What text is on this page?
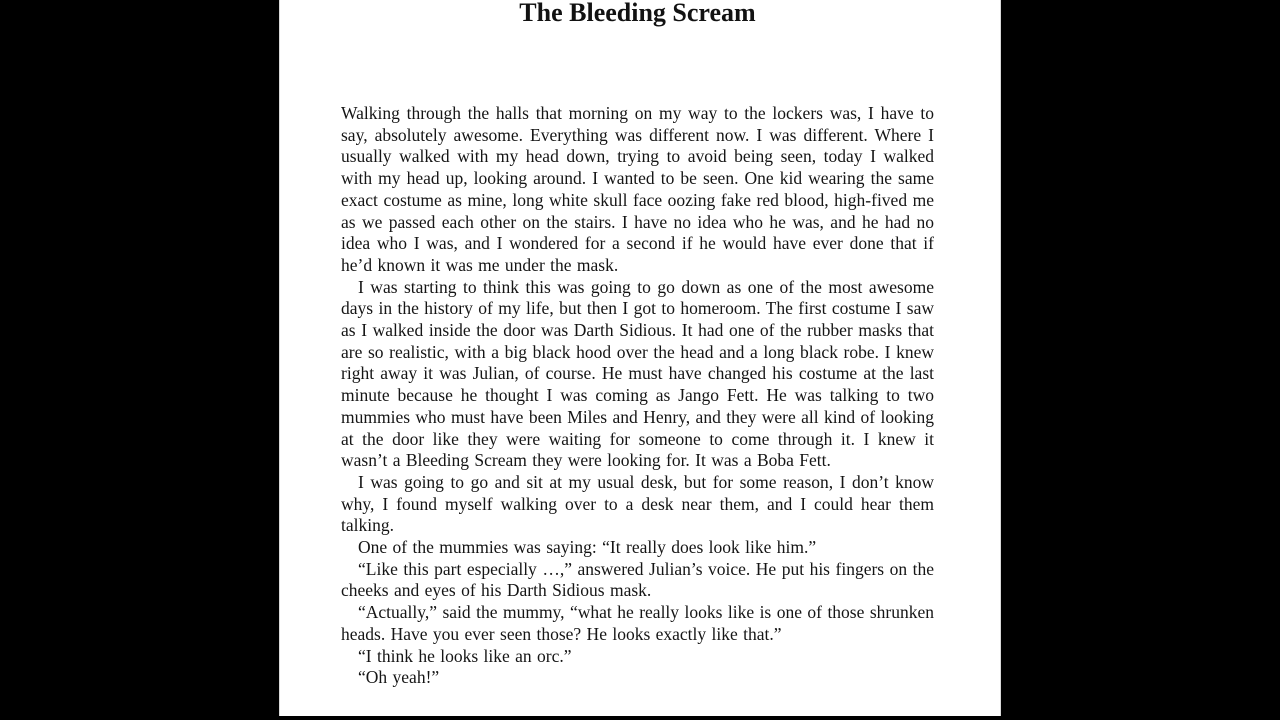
The Bleeding Scream

Walking through the halls that morning on my way to the lockers was, I have to say, absolutely awesome. Everything was different now. I was different. Where I usually walked with my head down, trying to avoid being seen, today I walked with my head up, looking around. I wanted to be seen. One kid wearing the same exact costume as mine, long white skull face oozing fake red blood, high-fived me as we passed each other on the stairs. I have no idea who he was, and he had no idea who I was, and I wondered for a second if he would have ever done that if he’d known it was me under the mask.

I was starting to think this was going to go down as one of the most awesome days in the history of my life, but then I got to homeroom. The first costume I saw as I walked inside the door was Darth Sidious. It had one of the rubber masks that are so realistic, with a big black hood over the head and a long black robe. I knew right away it was Julian, of course. He must have changed his costume at the last minute because he thought I was coming as Jango Fett. He was talking to two mummies who must have been Miles and Henry, and they were all kind of looking at the door like they were waiting for someone to come through it. I knew it wasn’t a Bleeding Scream they were looking for. It was a Boba Fett.

I was going to go and sit at my usual desk, but for some reason, I don’t know why, I found myself walking over to a desk near them, and I could hear them talking.

One of the mummies was saying: “It really does look like him.”

“Like this part especially …,” answered Julian’s voice. He put his fingers on the cheeks and eyes of his Darth Sidious mask.

“Actually,” said the mummy, “what he really looks like is one of those shrunken heads. Have you ever seen those? He looks exactly like that.”

“I think he looks like an orc.”

“Oh yeah!”
